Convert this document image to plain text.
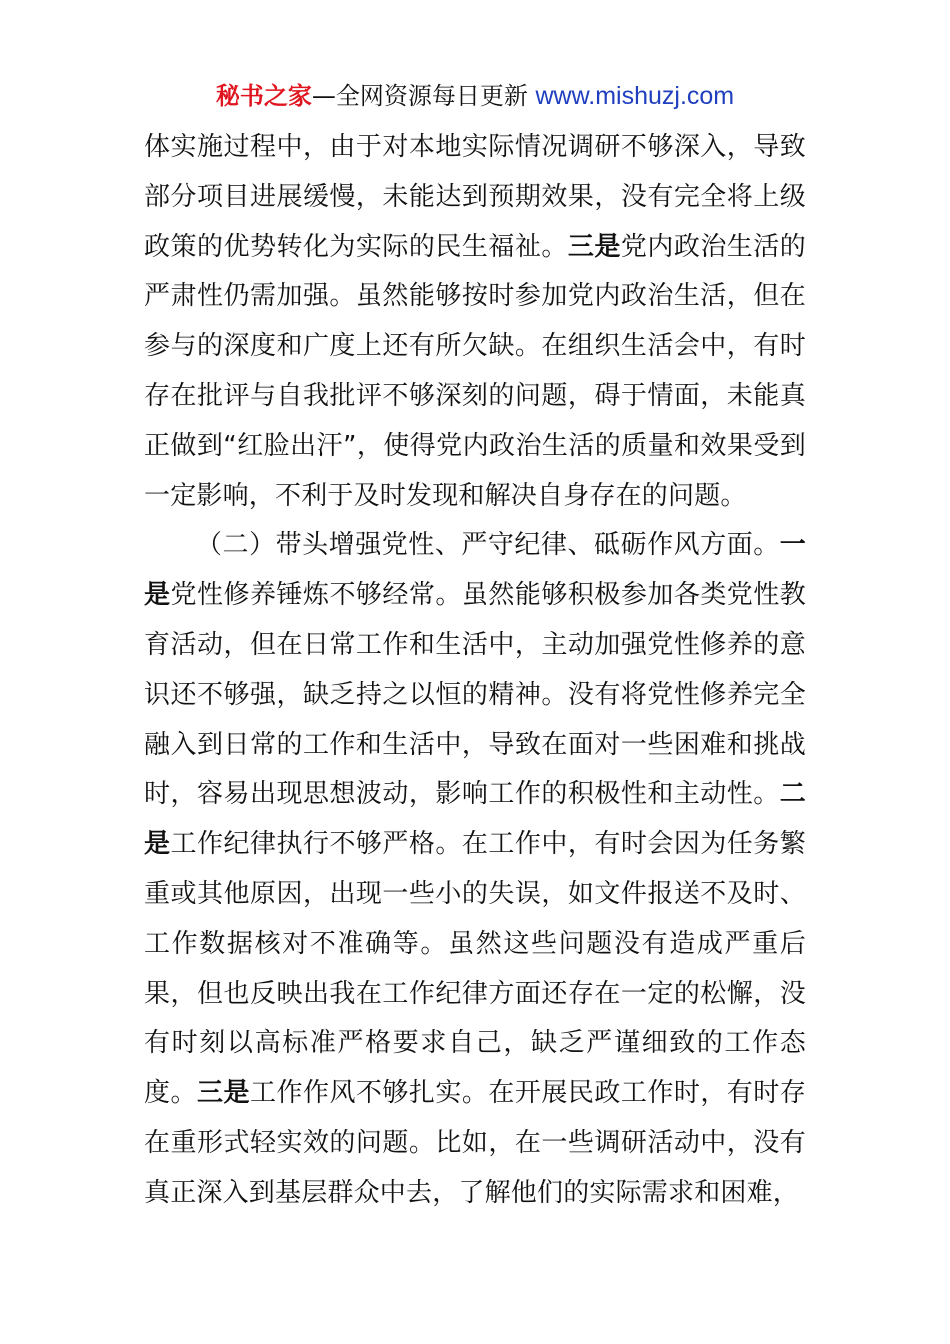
秘书之家—全网资源每日更新 www.mishuzj.com

体实施过程中，由于对本地实际情况调研不够深入，导致部分项目进展缓慢，未能达到预期效果，没有完全将上级政策的优势转化为实际的民生福祉。三是党内政治生活的严肃性仍需加强。虽然能够按时参加党内政治生活，但在参与的深度和广度上还有所欠缺。在组织生活会中，有时存在批评与自我批评不够深刻的问题，碍于情面，未能真正做到“红脸出汗”，使得党内政治生活的质量和效果受到一定影响，不利于及时发现和解决自身存在的问题。

（二）带头增强党性、严守纪律、砥砺作风方面。一是党性修养锤炼不够经常。虽然能够积极参加各类党性教育活动，但在日常工作和生活中，主动加强党性修养的意识还不够强，缺乏持之以恒的精神。没有将党性修养完全融入到日常的工作和生活中，导致在面对一些困难和挑战时，容易出现思想波动，影响工作的积极性和主动性。二是工作纪律执行不够严格。在工作中，有时会因为任务繁重或其他原因，出现一些小的失误，如文件报送不及时、工作数据核对不准确等。虽然这些问题没有造成严重后果，但也反映出我在工作纪律方面还存在一定的松懈，没有时刻以高标准严格要求自己，缺乏严谨细致的工作态度。三是工作作风不够扎实。在开展民政工作时，有时存在重形式轻实效的问题。比如，在一些调研活动中，没有真正深入到基层群众中去，了解他们的实际需求和困难，
